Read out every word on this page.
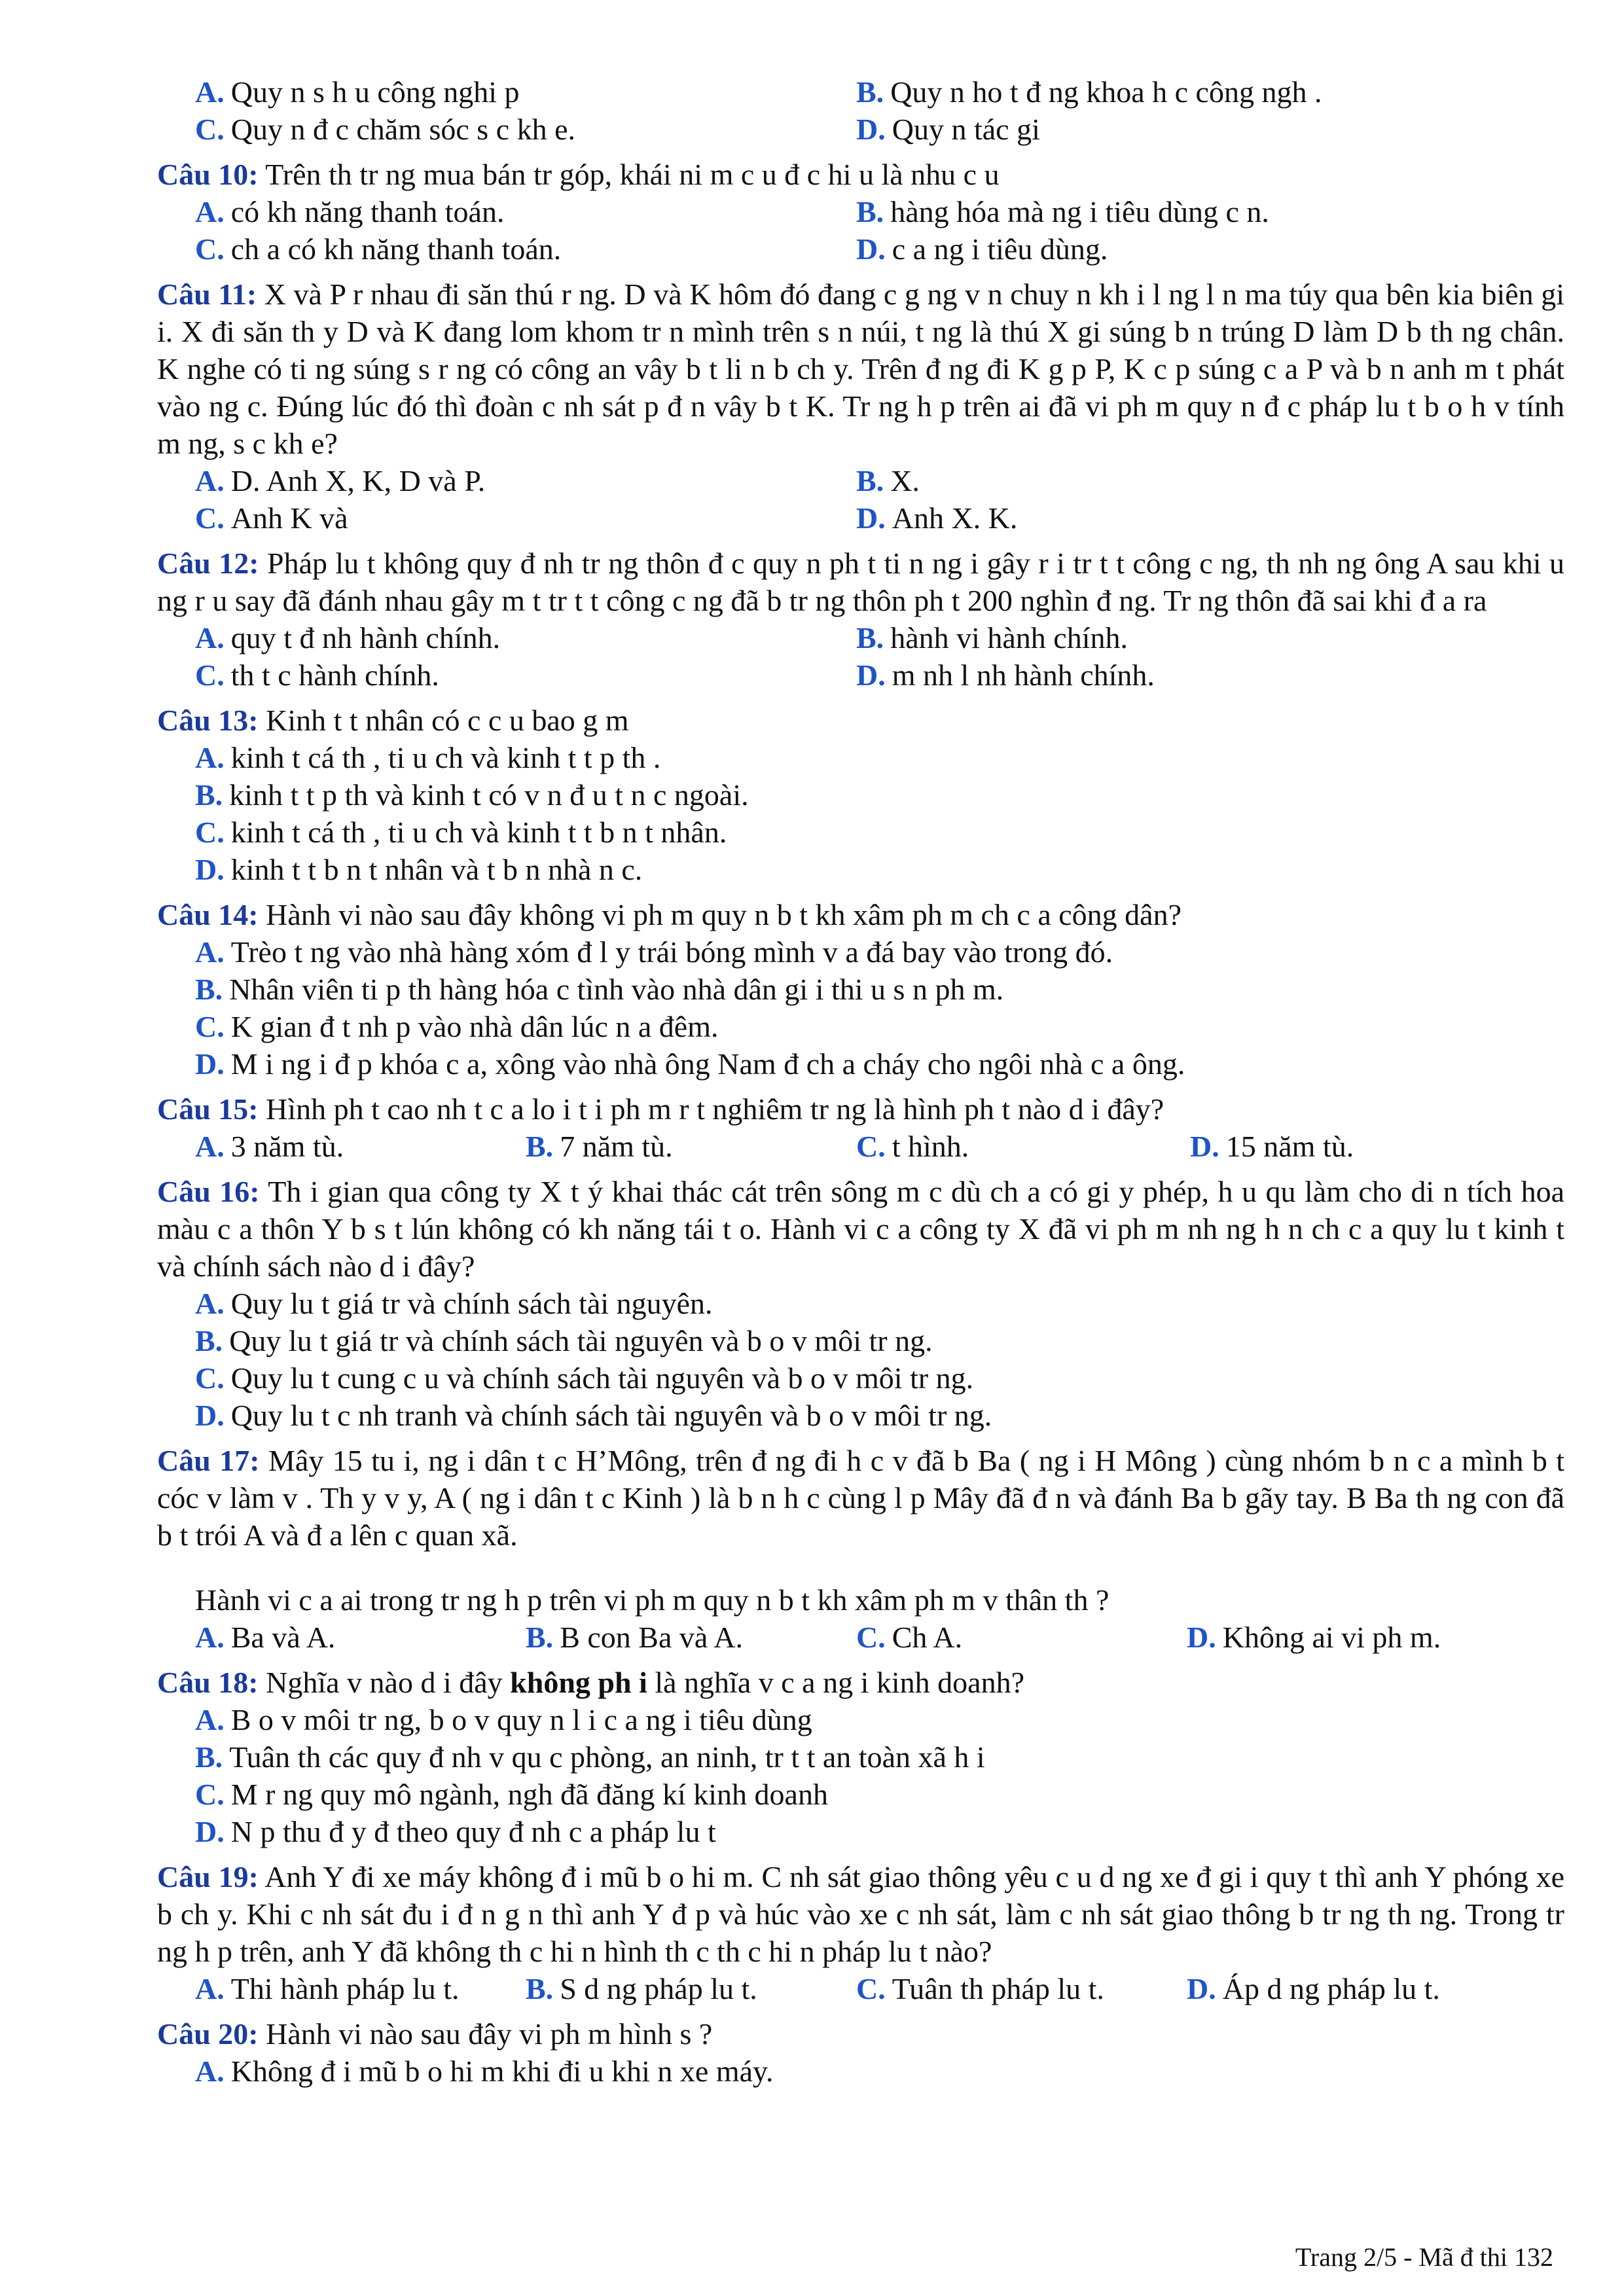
A. Quy n s h u công nghi p	B. Quy n ho t đ ng khoa h c công ngh .
C. Quy n đ c chăm sóc s c kh e.	D. Quy n tác gi
Câu 10: Trên th tr ng mua bán tr góp, khái ni m c u đ c hi u là nhu c u
A. có kh năng thanh toán.	B. hàng hóa mà ng i tiêu dùng c n.
C. ch a có kh năng thanh toán.	D. c a ng i tiêu dùng.
Câu 11: X và P r nhau đi săn thú r ng. D và K hôm đó đang c g ng v n chuy n kh i l ng l n ma túy qua bên kia biên gi i. X đi săn th y D và K đang lom khom tr n mình trên s n núi, t ng là thú X gi súng b n trúng D làm D b th ng chân. K nghe có ti ng súng s r ng có công an vây b t li n b ch y. Trên đ ng đi K g p P, K c p súng c a P và b n anh m t phát vào ng c. Đúng lúc đó thì đoàn c nh sát p đ n vây b t K. Tr ng h p trên ai đã vi ph m quy n đ c pháp lu t b o h v tính m ng, s c kh e?
A. D. Anh X, K, D và P.	B. X.
C. Anh K và	D. Anh X. K.
Câu 12: Pháp lu t không quy đ nh tr ng thôn đ c quy n ph t ti n ng i gây r i tr t t công c ng, th nh ng ông A sau khi u ng r u say đã đánh nhau gây m t tr t t công c ng đã b tr ng thôn ph t 200 nghìn đ ng. Tr ng thôn đã sai khi đ a ra
A. quy t đ nh hành chính.	B. hành vi hành chính.
C. th t c hành chính.	D. m nh l nh hành chính.
Câu 13: Kinh t t nhân có c c u bao g m
A. kinh t cá th , ti u ch và kinh t t p th .
B. kinh t t p th và kinh t có v n đ u t n c ngoài.
C. kinh t cá th , ti u ch và kinh t t b n t nhân.
D. kinh t t b n t nhân và t b n nhà n c.
Câu 14: Hành vi nào sau đây không vi ph m quy n b t kh xâm ph m ch c a công dân?
A. Trèo t ng vào nhà hàng xóm đ l y trái bóng mình v a đá bay vào trong đó.
B. Nhân viên ti p th hàng hóa c tình vào nhà dân gi i thi u s n ph m.
C. K gian đ t nh p vào nhà dân lúc n a đêm.
D. M i ng i đ p khóa c a, xông vào nhà ông Nam đ ch a cháy cho ngôi nhà c a ông.
Câu 15: Hình ph t cao nh t c a lo i t i ph m r t nghiêm tr ng là hình ph t nào d i đây?
A. 3 năm tù.	B. 7 năm tù.	C. t hình.	D. 15 năm tù.
Câu 16: Th i gian qua công ty X t ý khai thác cát trên sông m c dù ch a có gi y phép, h u qu làm cho di n tích hoa màu c a thôn Y b s t lún không có kh năng tái t o. Hành vi c a công ty X đã vi ph m nh ng h n ch c a quy lu t kinh t và chính sách nào d i đây?
A. Quy lu t giá tr và chính sách tài nguyên.
B. Quy lu t giá tr và chính sách tài nguyên và b o v môi tr ng.
C. Quy lu t cung c u và chính sách tài nguyên và b o v môi tr ng.
D. Quy lu t c nh tranh và chính sách tài nguyên và b o v môi tr ng.
Câu 17: Mây 15 tu i, ng i dân t c H’Mông, trên đ ng đi h c v đã b Ba ( ng i H Mông ) cùng nhóm b n c a mình b t cóc v làm v . Th y v y, A ( ng i dân t c Kinh ) là b n h c cùng l p Mây đã đ n và đánh Ba b gãy tay. B Ba th ng con đã b t trói A và đ a lên c quan xã.
Hành vi c a ai trong tr ng h p trên vi ph m quy n b t kh xâm ph m v thân th ?
A. Ba và A.	B. B con Ba và A.	C. Ch A.	D. Không ai vi ph m.
Câu 18: Nghĩa v nào d i đây không ph i là nghĩa v c a ng i kinh doanh?
A. B o v môi tr ng, b o v quy n l i c a ng i tiêu dùng
B. Tuân th các quy đ nh v qu c phòng, an ninh, tr t t an toàn xã h i
C. M r ng quy mô ngành, ngh đã đăng kí kinh doanh
D. N p thu đ y đ theo quy đ nh c a pháp lu t
Câu 19: Anh Y đi xe máy không đ i mũ b o hi m. C nh sát giao thông yêu c u d ng xe đ gi i quy t thì anh Y phóng xe b ch y. Khi c nh sát đu i đ n g n thì anh Y đ p và húc vào xe c nh sát, làm c nh sát giao thông b tr ng th ng. Trong tr ng h p trên, anh Y đã không th c hi n hình th c th c hi n pháp lu t nào?
A. Thi hành pháp lu t.	B. S d ng pháp lu t.	C. Tuân th pháp lu t.	D. Áp d ng pháp lu t.
Câu 20: Hành vi nào sau đây vi ph m hình s ?
A. Không đ i mũ b o hi m khi đi u khi n xe máy.
Trang 2/5 - Mã đ thi 132
